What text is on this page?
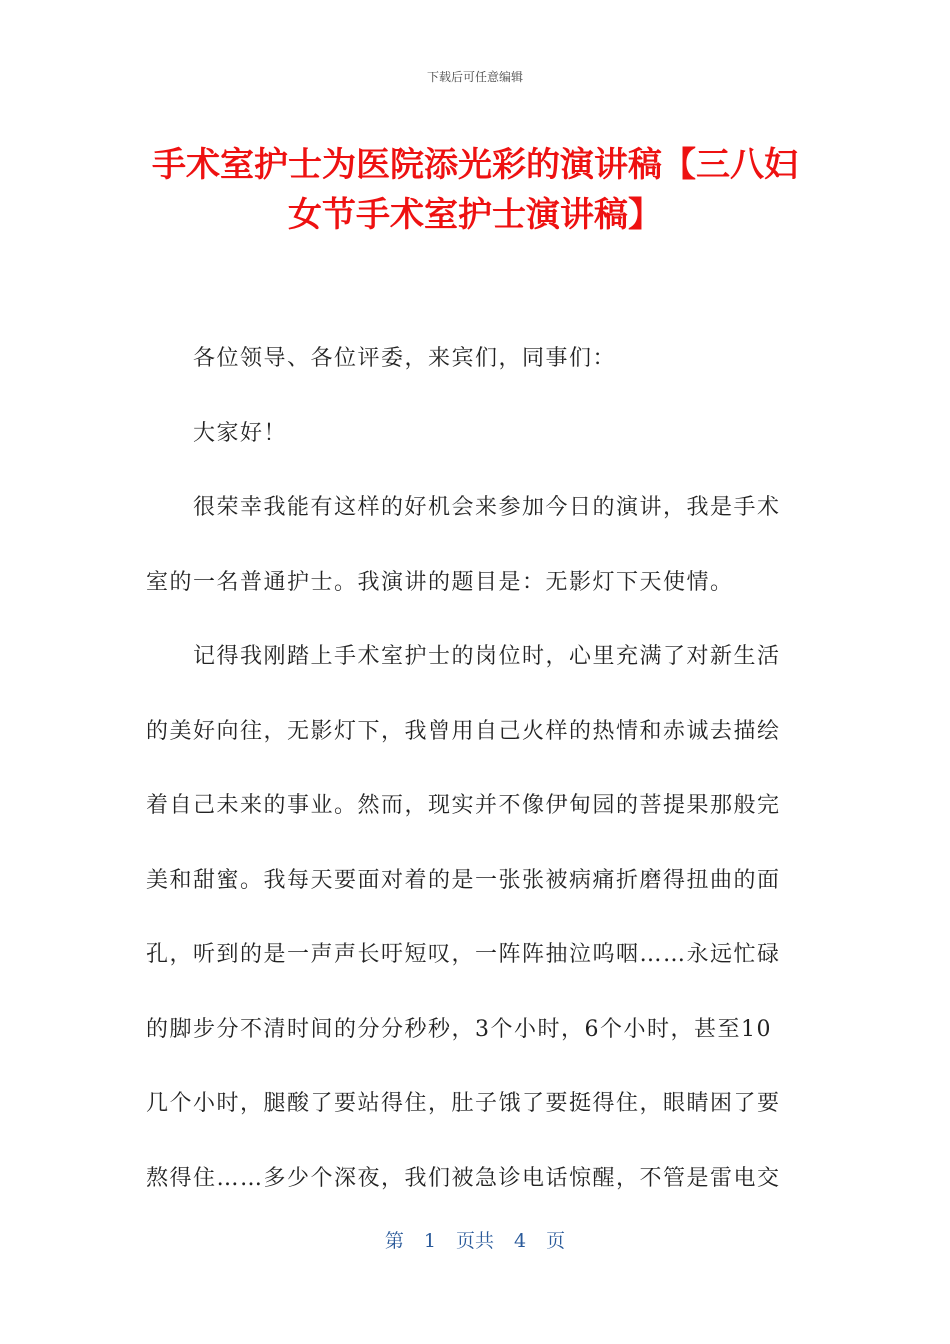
下载后可任意编辑
手术室护士为医院添光彩的演讲稿【三八妇
女节手术室护士演讲稿】
各位领导、各位评委，来宾们，同事们：
大家好！
很荣幸我能有这样的好机会来参加今日的演讲，我是手术
室的一名普通护士。我演讲的题目是：无影灯下天使情。
记得我刚踏上手术室护士的岗位时，心里充满了对新生活
的美好向往，无影灯下，我曾用自己火样的热情和赤诚去描绘
着自己未来的事业。然而，现实并不像伊甸园的菩提果那般完
美和甜蜜。我每天要面对着的是一张张被病痛折磨得扭曲的面
孔，听到的是一声声长吁短叹，一阵阵抽泣呜咽……永远忙碌
的脚步分不清时间的分分秒秒，3个小时，6个小时，甚至10
几个小时，腿酸了要站得住，肚子饿了要挺得住，眼睛困了要
熬得住……多少个深夜，我们被急诊电话惊醒，不管是雷电交
第 1 页共 4 页
